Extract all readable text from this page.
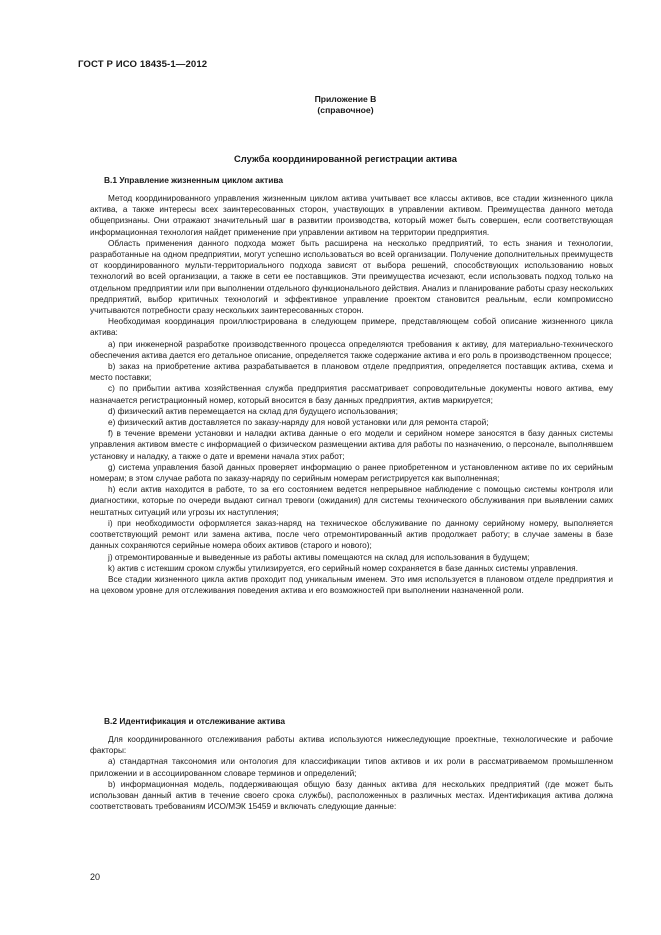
ГОСТ Р ИСО 18435-1—2012
Приложение В
(справочное)
Служба координированной регистрации актива

В.1 Управление жизненным циклом актива

Метод координированного управления жизненным циклом актива учитывает все классы активов, все стадии жизненного цикла актива, а также интересы всех заинтересованных сторон, участвующих в управлении активом. Преимущества данного метода общепризнаны. Они отражают значительный шаг в развитии производства, который может быть совершен, если соответствующая информационная технология найдет применение при управлении активом на территории предприятия.

Область применения данного подхода может быть расширена на несколько предприятий, то есть знания и технологии, разработанные на одном предприятии, могут успешно использоваться во всей организации. Получение дополнительных преимуществ от координированного мульти-территориального подхода зависят от выбора решений, способствующих использованию новых технологий во всей организации, а также в сети ее поставщиков. Эти преимущества исчезают, если использовать подход только на отдельном предприятии или при выполнении отдельного функционального действия. Анализ и планирование работы сразу нескольких предприятий, выбор критичных технологий и эффективное управление проектом становится реальным, если компромиссно учитываются потребности сразу нескольких заинтересованных сторон.

Необходимая координация проиллюстрирована в следующем примере, представляющем собой описание жизненного цикла актива:

a) при инженерной разработке производственного процесса определяются требования к активу, для материально-технического обеспечения актива дается его детальное описание, определяется также содержание актива и его роль в производственном процессе;

b) заказ на приобретение актива разрабатывается в плановом отделе предприятия, определяется поставщик актива, схема и место поставки;

c) по прибытии актива хозяйственная служба предприятия рассматривает сопроводительные документы нового актива, ему назначается регистрационный номер, который вносится в базу данных предприятия, актив маркируется;

d) физический актив перемещается на склад для будущего использования;

e) физический актив доставляется по заказу-наряду для новой установки или для ремонта старой;

f) в течение времени установки и наладки актива данные о его модели и серийном номере заносятся в базу данных системы управления активом вместе с информацией о физическом размещении актива для работы по назначению, о персонале, выполнявшем установку и наладку, а также о дате и времени начала этих работ;

g) система управления базой данных проверяет информацию о ранее приобретенном и установленном активе по их серийным номерам; в этом случае работа по заказу-наряду по серийным номерам регистрируется как выполненная;

h) если актив находится в работе, то за его состоянием ведется непрерывное наблюдение с помощью системы контроля или диагностики, которые по очереди выдают сигнал тревоги (ожидания) для системы технического обслуживания при выявлении самих нештатных ситуаций или угрозы их наступления;

i) при необходимости оформляется заказ-наряд на техническое обслуживание по данному серийному номеру, выполняется соответствующий ремонт или замена актива, после чего отремонтированный актив продолжает работу; в случае замены в базе данных сохраняются серийные номера обоих активов (старого и нового);

j) отремонтированные и выведенные из работы активы помещаются на склад для использования в будущем;

k) актив с истекшим сроком службы утилизируется, его серийный номер сохраняется в базе данных системы управления.

Все стадии жизненного цикла актив проходит под уникальным именем. Это имя используется в плановом отделе предприятия и на цеховом уровне для отслеживания поведения актива и его возможностей при выполнении назначенной роли.

В.2 Идентификация и отслеживание актива

Для координированного отслеживания работы актива используются нижеследующие проектные, технологические и рабочие факторы:

a) стандартная таксономия или онтология для классификации типов активов и их роли в рассматриваемом промышленном приложении и в ассоциированном словаре терминов и определений;

b) информационная модель, поддерживающая общую базу данных актива для нескольких предприятий (где может быть использован данный актив в течение своего срока службы), расположенных в различных местах. Идентификация актива должна соответствовать требованиям ИСО/МЭК 15459 и включать следующие данные:

20
